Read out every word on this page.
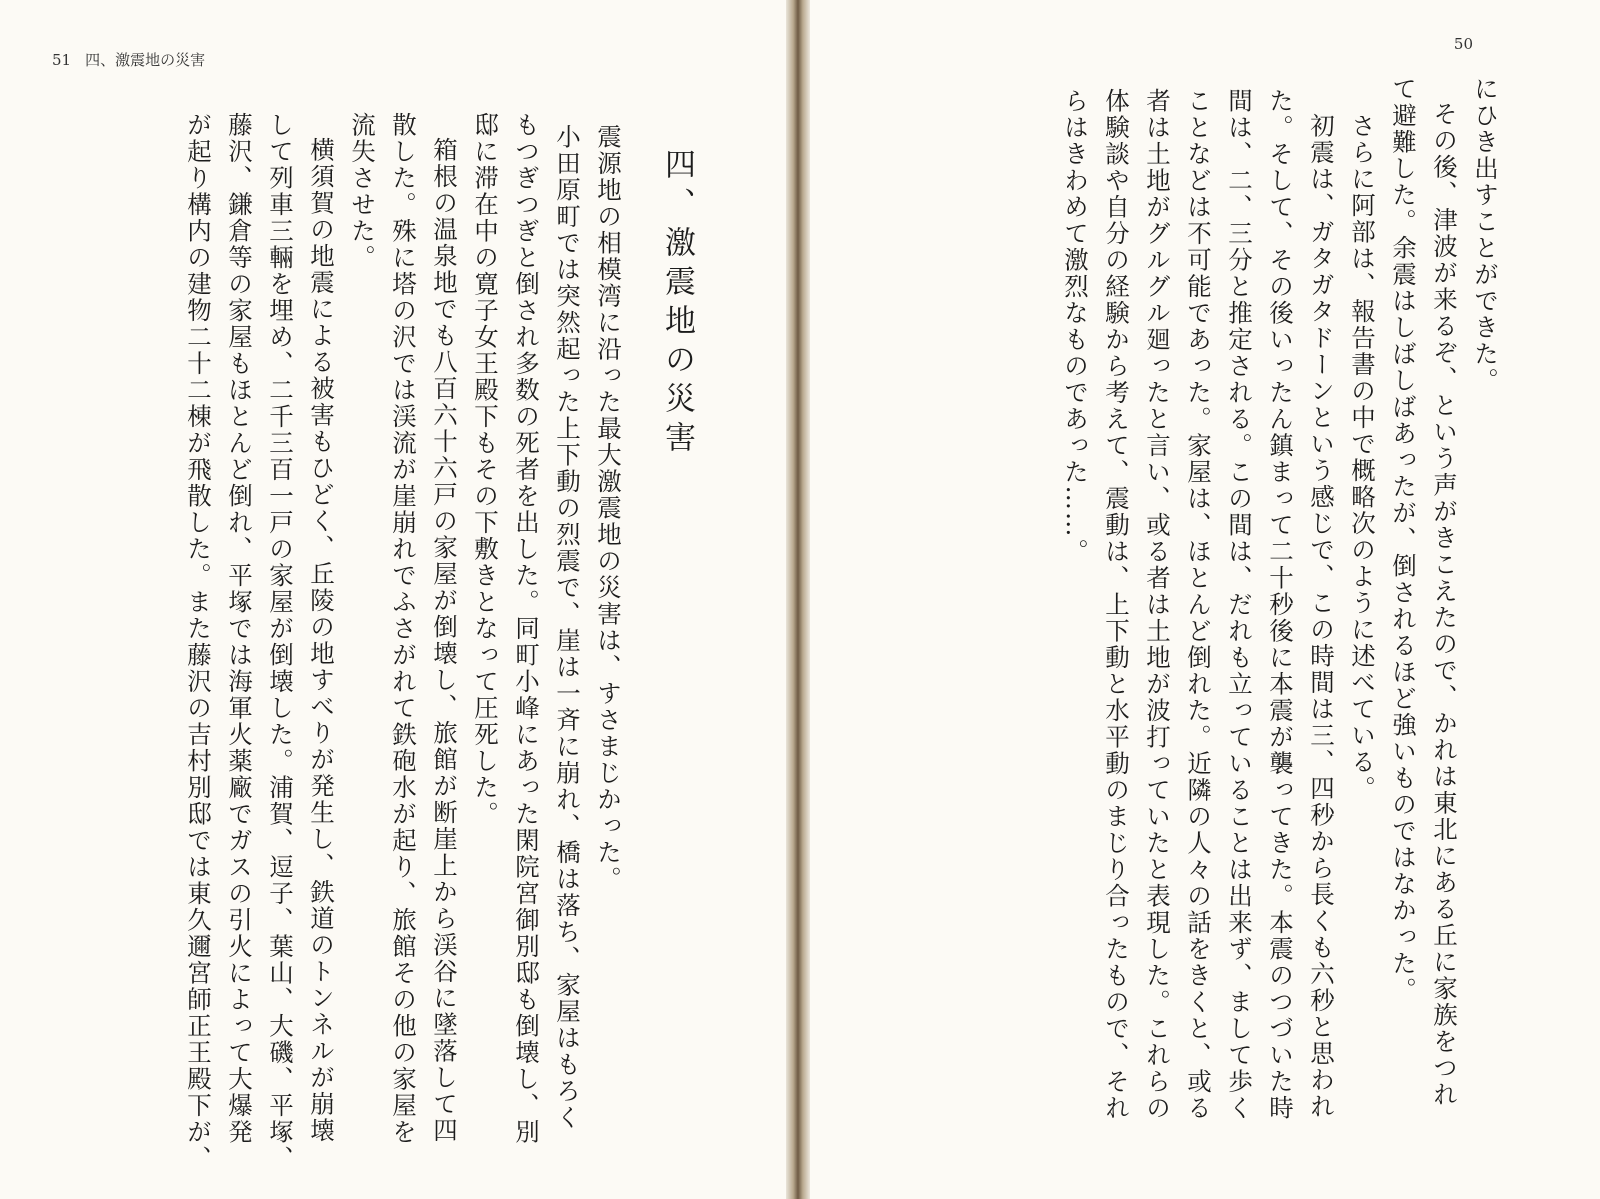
51 四、激震地の災害
四、激震地の災害

震源地の相模湾に沿った最大激震地の災害は、すさまじかった。

小田原町では突然起った上下動の烈震で、崖は一斉に崩れ、橋は落ち、家屋はもろく

もつぎつぎと倒され多数の死者を出した。同町小峰にあった閑院宮御別邸も倒壊し、別

邸に滞在中の寛子女王殿下もその下敷きとなって圧死した。

箱根の温泉地でも八百六十六戸の家屋が倒壊し、旅館が断崖上から渓谷に墜落して四

散した。殊に塔の沢では渓流が崖崩れでふさがれて鉄砲水が起り、旅館その他の家屋を

流失させた。

横須賀の地震による被害もひどく、丘陵の地すべりが発生し、鉄道のトンネルが崩壊

して列車三輛を埋め、二千三百一戸の家屋が倒壊した。浦賀、逗子、葉山、大磯、平塚、

藤沢、鎌倉等の家屋もほとんど倒れ、平塚では海軍火薬廠でガスの引火によって大爆発

が起り構内の建物二十二棟が飛散した。また藤沢の吉村別邸では東久邇宮師正王殿下が、

50

にひき出すことができた。

その後、津波が来るぞ、という声がきこえたので、かれは東北にある丘に家族をつれ

て避難した。余震はしばしばあったが、倒されるほど強いものではなかった。

さらに阿部は、報告書の中で概略次のように述べている。

初震は、ガタガタドーンという感じで、この時間は三、四秒から長くも六秒と思われ

た。そして、その後いったん鎮まって二十秒後に本震が襲ってきた。本震のつづいた時

間は、二、三分と推定される。この間は、だれも立っていることは出来ず、まして歩く

ことなどは不可能であった。家屋は、ほとんど倒れた。近隣の人々の話をきくと、或る

者は土地がグルグル廻ったと言い、或る者は土地が波打っていたと表現した。これらの

体験談や自分の経験から考えて、震動は、上下動と水平動のまじり合ったもので、それ

らはきわめて激烈なものであった……。
